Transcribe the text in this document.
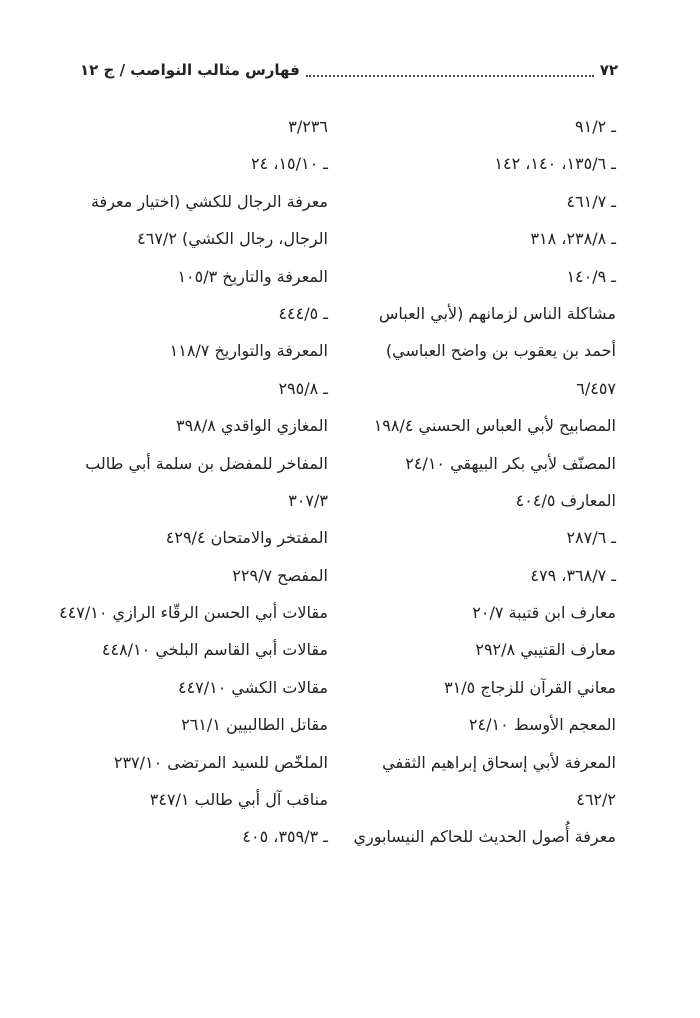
۷۲
فهارس مثالب النواصب / ج ۱۲
ـ ۹۱/۲
ـ ۱۳٥/٦، ۱٤۰، ۱٤۲
ـ ٤٦۱/۷
ـ ۲۳۸/۸، ۳۱۸
ـ ۱٤۰/۹
مشاكلة الناس لزمانهم (لأبي العباس
أحمد بن يعقوب بن واضح العباسي)
٤٥۷/٦
المصابيح لأبي العباس الحسني ۱۹۸/٤
المصنّف لأبي بكر البيهقي ۲٤/۱۰
المعارف ٤۰٤/٥
ـ ۲۸۷/٦
ـ ۳٦۸/۷، ٤۷۹
معارف ابن قتيبة ۲۰/۷
معارف القتيبي ۲۹۲/۸
معاني القرآن للزجاج ۳۱/٥
المعجم الأوسط ۲٤/۱۰
المعرفة لأبي إسحاق إبراهيم الثقفي
٤٦۲/۲
معرفة أُصول الحديث للحاكم النيسابوري
۲۳٦/۳
ـ ۱٥/۱۰، ۲٤
معرفة الرجال للكشي (اختيار معرفة
الرجال، رجال الكشي) ٤٦۷/۲
المعرفة والتاريخ ۱۰٥/۳
ـ ٤٤٤/٥
المعرفة والتواريخ ۱۱۸/۷
ـ ۲۹٥/۸
المغازي الواقدي ۳۹۸/۸
المفاخر للمفضل بن سلمة أبي طالب
۳۰۷/۳
المفتخر والامتحان ٤۲۹/٤
المفصح ۲۲۹/۷
مقالات أبي الحسن الرقّاء الرازي ٤٤۷/۱۰
مقالات أبي القاسم البلخي ٤٤۸/۱۰
مقالات الكشي ٤٤۷/۱۰
مقاتل الطالبيين ۲٦۱/۱
الملخّص للسيد المرتضى ۲۳۷/۱۰
مناقب آل أبي طالب ۳٤۷/۱
ـ ۳٥۹/۳، ٤۰٥
